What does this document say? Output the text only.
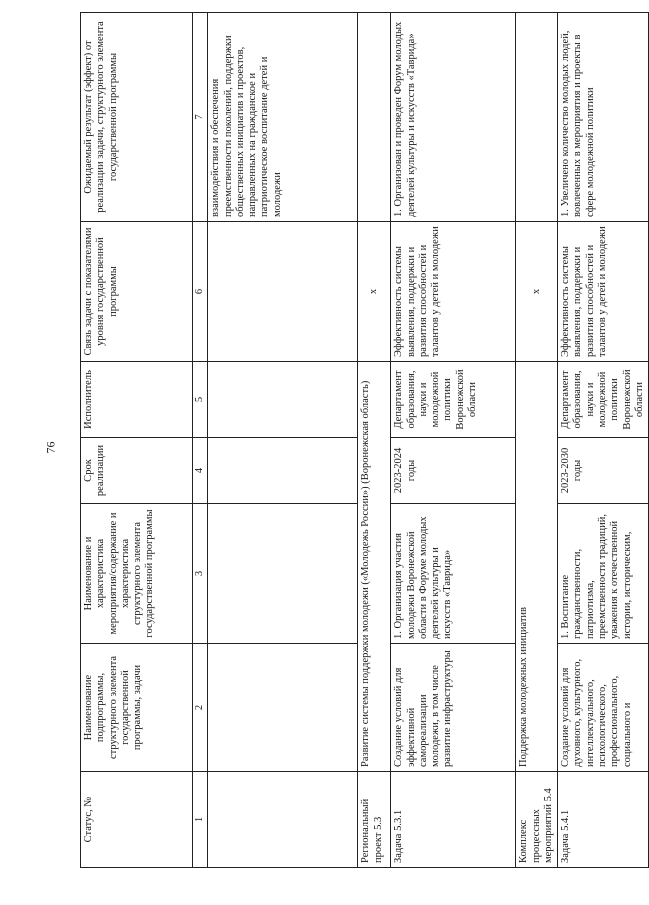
76
Статус, №	Наименование подпрограммы, структурного элемента государственной программы, задачи	Наименование и характеристика мероприятия/содержание и характеристика структурного элемента государственной программы	Срок реализации	Исполнитель	Связь задачи с показателями уровня государственной программы	Ожидаемый результат (эффект) от реализации задачи, структурного элемента государственной программы
1	2	3	4	5	6	7
						взаимодействия и обеспечения преемственности поколений, поддержки общественных инициатив и проектов, направленных на гражданское и патриотическое воспитание детей и молодежи
Региональный проект 5.3	Развитие системы поддержки молодежи («Молодежь России») (Воронежская область)				x	
Задача 5.3.1	Создание условий для эффективной самореализации молодежи, в том числе развитие инфраструктуры	1. Организация участия молодежи Воронежской области в Форуме молодых деятелей культуры и искусств «Таврида»	2023-2024 годы	Департамент образования, науки и молодежной политики Воронежской области	Эффективность системы выявления, поддержки и развития способностей и талантов у детей и молодежи	1. Организован и проведен Форум молодых деятелей культуры и искусств «Таврида»
Комплекс процессных мероприятий 5.4	Поддержка молодежных инициатив				x	
Задача 5.4.1	Создание условий для духовного, культурного, интеллектуального, психологического, профессионального, социального и	1. Воспитание гражданственности, патриотизма, преемственности традиций, уважения к отечественной истории, историческим,	2023-2030 годы	Департамент образования, науки и молодежной политики Воронежской области	Эффективность системы выявления, поддержки и развития способностей и талантов у детей и молодежи	1. Увеличено количество молодых людей, вовлеченных в мероприятия и проекты в сфере молодежной политики
